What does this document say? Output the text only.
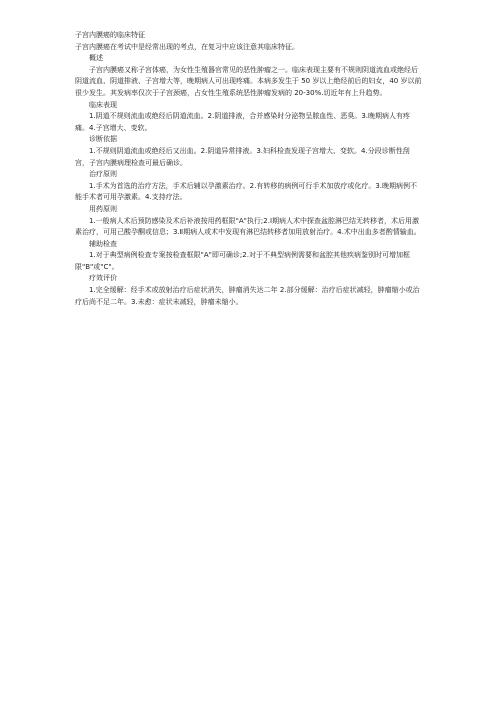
子宫内膜癌的临床特征

子宫内膜癌在考试中是经常出现的考点，在复习中应该注意其临床特征。

概述

子宫内膜癌又称子宫体癌，为女性生殖器官常见的恶性肿瘤之一。临床表现主要有不规则阴道流血或绝经后阴道流血、阴道排液、子宫增大等，晚期病人可出现疼痛。本病多发生于 50 岁以上绝经前后的妇女，40 岁以前很少发生。其发病率仅次于子宫颈癌，占女性生殖系统恶性肿瘤发病的 20-30%.切近年有上升趋势。

临床表现

1.阴道不规则流血或绝经后阴道流血。2.阴道排液，合并感染时分泌物呈脓血性、恶臭。3.晚期病人有疼痛。4.子宫增大、变软。

诊断依据

1.不规则阴道流血或绝经后又出血。2.阴道异常排液。3.妇科检查发现子宫增大、变软。4.分段诊断性刮宫，子宫内膜病理检查可最后确诊。

治疗原则

1.手术为首选的治疗方法，手术后辅以孕激素治疗。2.有转移的病例可行手术加放疗或化疗。3.晚期病例不能手术者可用孕激素。4.支持疗法。

用药原则

1.一般病人术后预防感染及术后补液按用药框限"A"执行;2.Ⅰ期病人术中探查盆腔淋巴结无转移者，术后用激素治疗，可用己酸孕酮或信息；3.Ⅱ期病人或术中发现有淋巴结转移者加用放射治疗。4.术中出血多者酌情输血。

辅助检查

1.对于典型病例检查专案按检查框限"A"即可确诊;2.对于不典型病例需要和盆腔其他疾病鉴别时可增加框限"B"或"C"。

疗效评价

1.完全缓解：经手术或放射治疗后症状消失，肿瘤消失达二年 2.部分缓解：治疗后症状减轻，肿瘤缩小或治疗后尚不足二年。3.未愈：症状未减轻，肿瘤未缩小。
